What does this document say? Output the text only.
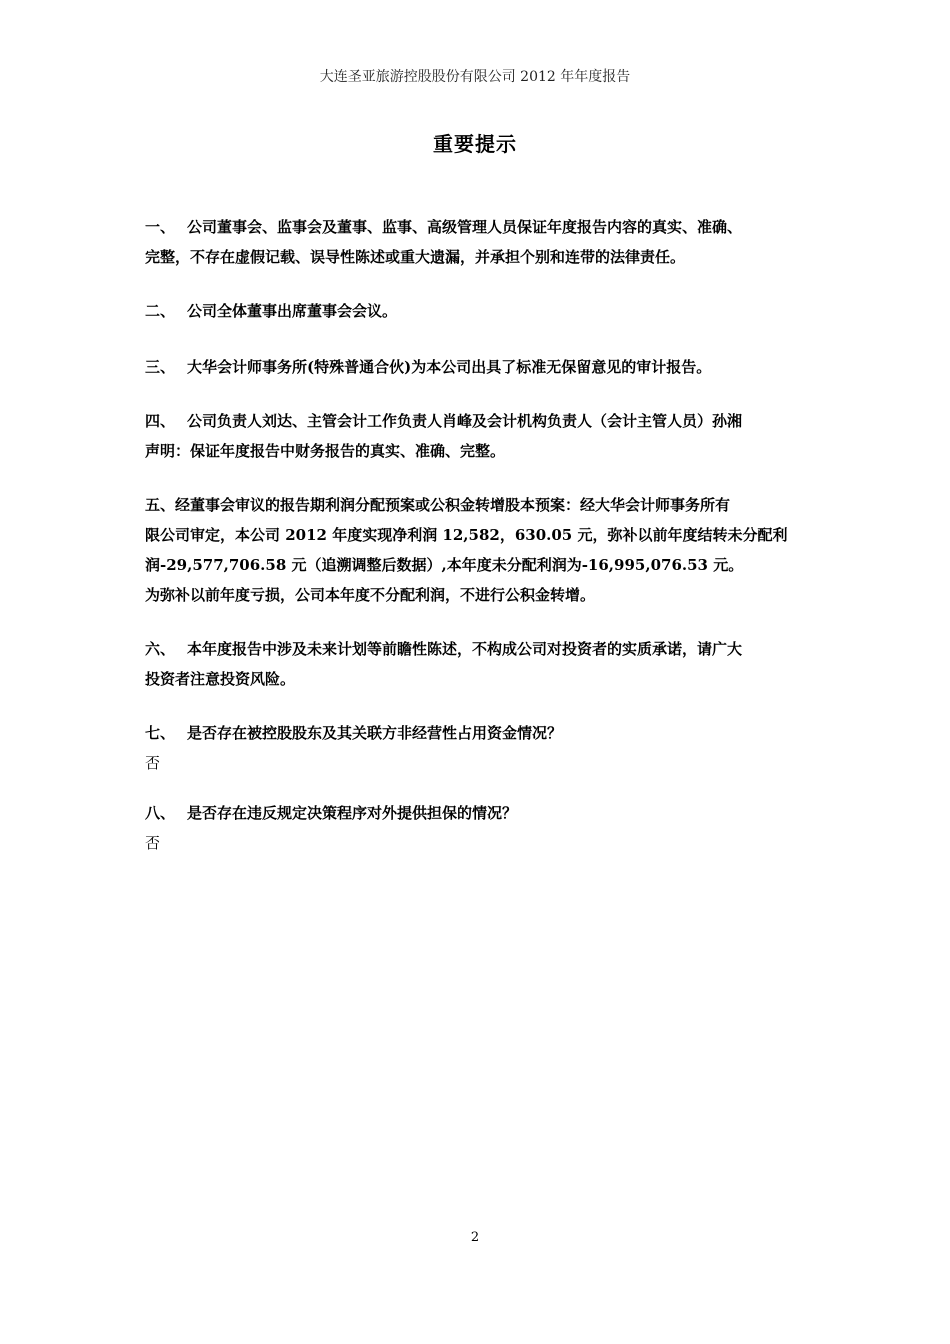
大连圣亚旅游控股股份有限公司 2012 年年度报告
重要提示
一、 公司董事会、监事会及董事、监事、高级管理人员保证年度报告内容的真实、准确、
完整，不存在虚假记载、误导性陈述或重大遗漏，并承担个别和连带的法律责任。
二、 公司全体董事出席董事会会议。
三、 大华会计师事务所(特殊普通合伙)为本公司出具了标准无保留意见的审计报告。
四、 公司负责人刘达、主管会计工作负责人肖峰及会计机构负责人（会计主管人员）孙湘
声明：保证年度报告中财务报告的真实、准确、完整。
五、经董事会审议的报告期利润分配预案或公积金转增股本预案：经大华会计师事务所有
限公司审定，本公司 2012 年度实现净利润 12,582，630.05 元，弥补以前年度结转未分配利
润-29,577,706.58 元（追溯调整后数据）,本年度未分配利润为-16,995,076.53 元。
为弥补以前年度亏损，公司本年度不分配利润，不进行公积金转增。
六、 本年度报告中涉及未来计划等前瞻性陈述，不构成公司对投资者的实质承诺，请广大
投资者注意投资风险。
七、 是否存在被控股股东及其关联方非经营性占用资金情况？
否
八、 是否存在违反规定决策程序对外提供担保的情况？
否
2
